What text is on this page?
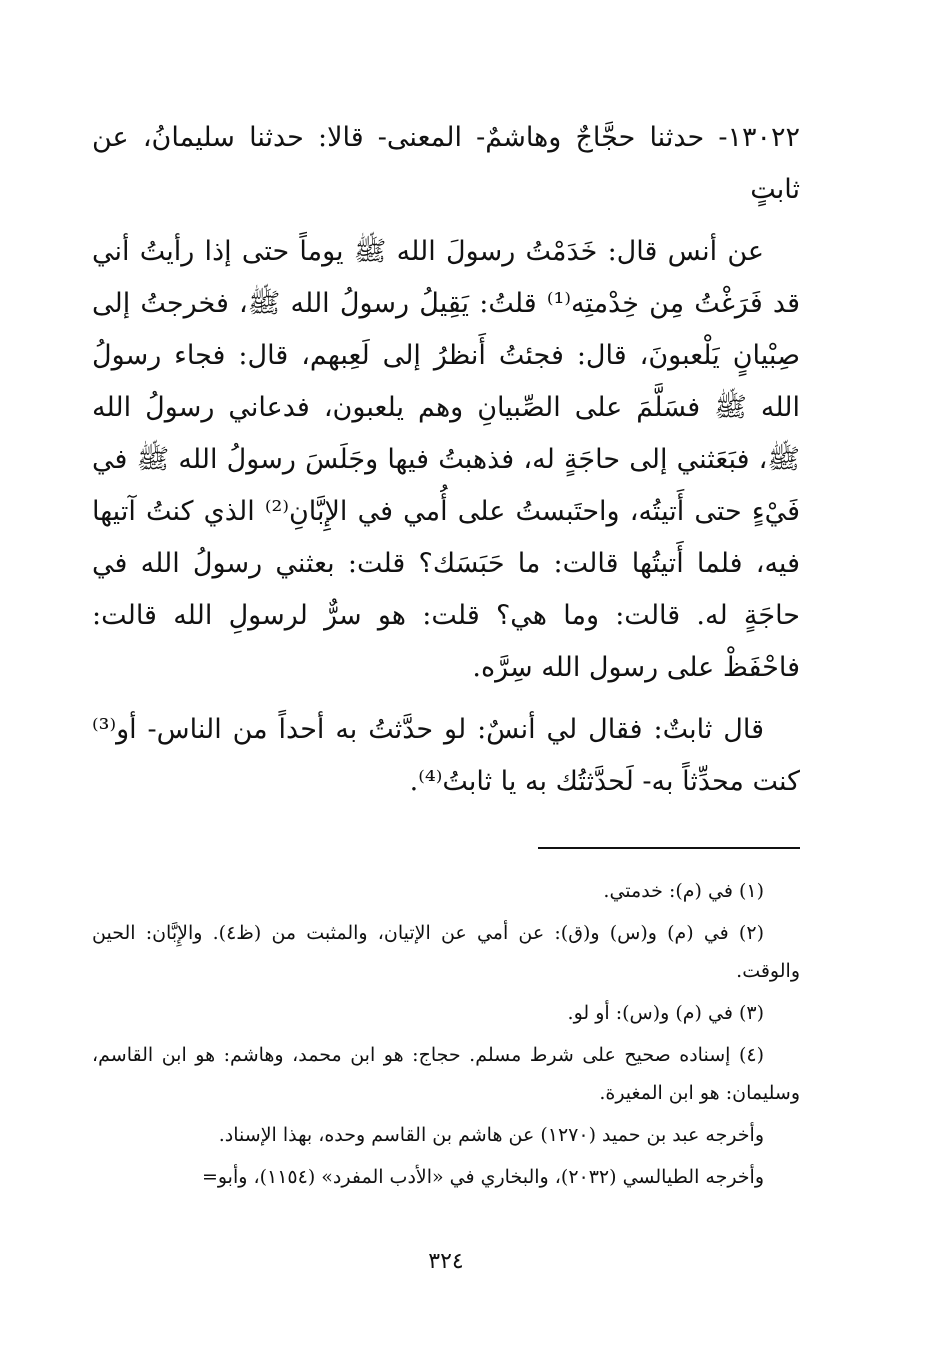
١٣٠٢٢- حدثنا حجَّاجٌ وهاشمٌ- المعنى- قالا: حدثنا سليمانُ، عن ثابتٍ

عن أنس قال: خَدَمْتُ رسولَ الله ﷺ يوماً حتى إذا رأيتُ أني قد فَرَغْتُ مِن خِدْمتِه⁽¹⁾ قلتُ: يَقِيلُ رسولُ الله ﷺ، فخرجتُ إلى صِبْيانٍ يَلْعبونَ، قال: فجئتُ أَنظرُ إلى لَعِبهم، قال: فجاء رسولُ الله ﷺ فسَلَّمَ على الصِّبيانِ وهم يلعبون، فدعاني رسولُ الله ﷺ، فبَعَثني إلى حاجَةٍ له، فذهبتُ فيها وجَلَسَ رسولُ الله ﷺ في فَيْءٍ حتى أَتيتُه، واحتَبستُ على أُمي في الإِبَّانِ⁽²⁾ الذي كنتُ آتيها فيه، فلما أَتيتُها قالت: ما حَبَسَك؟ قلت: بعثني رسولُ الله في حاجَةٍ له. قالت: وما هي؟ قلت: هو سرٌّ لرسولِ الله قالت: فاحْفَظْ على رسول الله سِرَّه.

قال ثابتٌ: فقال لي أنسٌ: لو حدَّثتُ به أحداً من الناس- أو⁽³⁾ كنت محدِّثاً به- لَحدَّثتُك به يا ثابتُ⁽⁴⁾.

(١) في (م): خدمتي.

(٢) في (م) و(س) و(ق): عن أمي عن الإتيان، والمثبت من (ظ٤). والإِبَّان: الحين والوقت.

(٣) في (م) و(س): أو لو.

(٤) إسناده صحيح على شرط مسلم. حجاج: هو ابن محمد، وهاشم: هو ابن القاسم، وسليمان: هو ابن المغيرة.

وأخرجه عبد بن حميد (١٢٧٠) عن هاشم بن القاسم وحده، بهذا الإسناد.

وأخرجه الطيالسي (٢٠٣٢)، والبخاري في «الأدب المفرد» (١١٥٤)، وأبو=

٣٢٤
